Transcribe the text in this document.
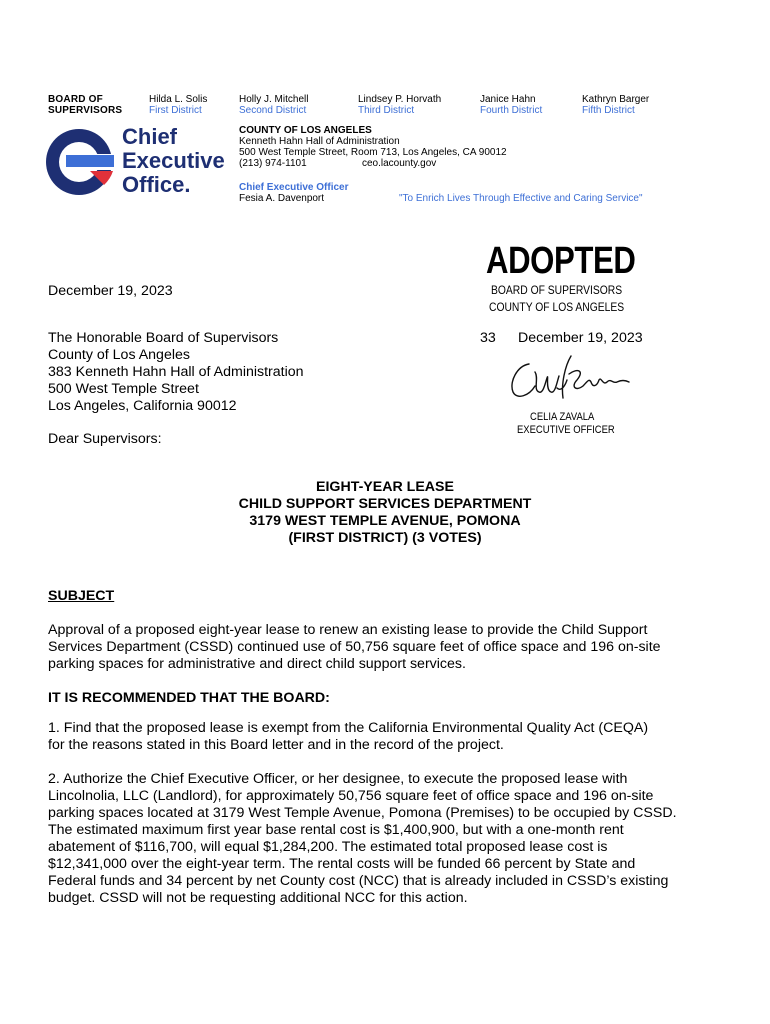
BOARD OF
SUPERVISORS
Hilda L. Solis
First District
Holly J. Mitchell
Second District
Lindsey P. Horvath
Third District
Janice Hahn
Fourth District
Kathryn Barger
Fifth District
Chief
Executive
Office.
COUNTY OF LOS ANGELES
Kenneth Hahn Hall of Administration
500 West Temple Street, Room 713, Los Angeles, CA 90012
(213) 974-1101	ceo.lacounty.gov
Chief Executive Officer
Fesia A. Davenport	"To Enrich Lives Through Effective and Caring Service"
ADOPTED
BOARD OF SUPERVISORS
COUNTY OF LOS ANGELES
33 December 19, 2023
CELIA ZAVALA
EXECUTIVE OFFICER
December 19, 2023
The Honorable Board of Supervisors
County of Los Angeles
383 Kenneth Hahn Hall of Administration
500 West Temple Street
Los Angeles, California 90012
Dear Supervisors:
EIGHT-YEAR LEASE
CHILD SUPPORT SERVICES DEPARTMENT
3179 WEST TEMPLE AVENUE, POMONA
(FIRST DISTRICT) (3 VOTES)
SUBJECT
Approval of a proposed eight-year lease to renew an existing lease to provide the Child Support
Services Department (CSSD) continued use of 50,756 square feet of office space and 196 on-site
parking spaces for administrative and direct child support services.
IT IS RECOMMENDED THAT THE BOARD:
1. Find that the proposed lease is exempt from the California Environmental Quality Act (CEQA)
for the reasons stated in this Board letter and in the record of the project.
2. Authorize the Chief Executive Officer, or her designee, to execute the proposed lease with
Lincolnolia, LLC (Landlord), for approximately 50,756 square feet of office space and 196 on-site
parking spaces located at 3179 West Temple Avenue, Pomona (Premises) to be occupied by CSSD.
The estimated maximum first year base rental cost is $1,400,900, but with a one-month rent
abatement of $116,700, will equal $1,284,200. The estimated total proposed lease cost is
$12,341,000 over the eight-year term. The rental costs will be funded 66 percent by State and
Federal funds and 34 percent by net County cost (NCC) that is already included in CSSD’s existing
budget. CSSD will not be requesting additional NCC for this action.
